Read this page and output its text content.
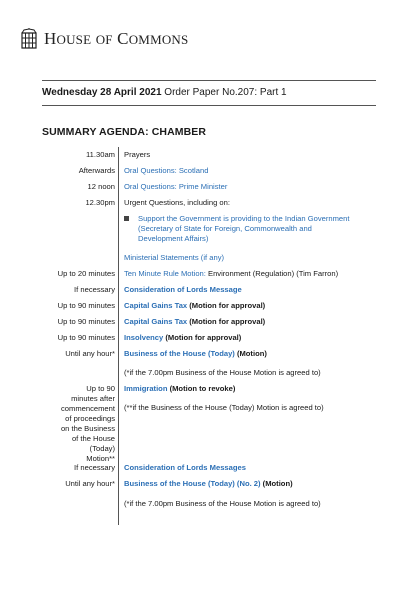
HOUSE OF COMMONS
Wednesday 28 April 2021 Order Paper No.207: Part 1
SUMMARY AGENDA: CHAMBER
11.30am Prayers
Afterwards Oral Questions: Scotland
12 noon Oral Questions: Prime Minister
12.30pm Urgent Questions, including on:
Support the Government is providing to the Indian Government (Secretary of State for Foreign, Commonwealth and Development Affairs)
Ministerial Statements (if any)
Up to 20 minutes Ten Minute Rule Motion: Environment (Regulation) (Tim Farron)
If necessary Consideration of Lords Message
Up to 90 minutes Capital Gains Tax (Motion for approval)
Up to 90 minutes Capital Gains Tax (Motion for approval)
Up to 90 minutes Insolvency (Motion for approval)
Until any hour* Business of the House (Today) (Motion)
(*if the 7.00pm Business of the House Motion is agreed to)
Up to 90 minutes after commencement of proceedings on the Business of the House (Today) Motion**
Immigration (Motion to revoke)
(**if the Business of the House (Today) Motion is agreed to)
If necessary Consideration of Lords Messages
Until any hour* Business of the House (Today) (No. 2) (Motion)
(*if the 7.00pm Business of the House Motion is agreed to)
